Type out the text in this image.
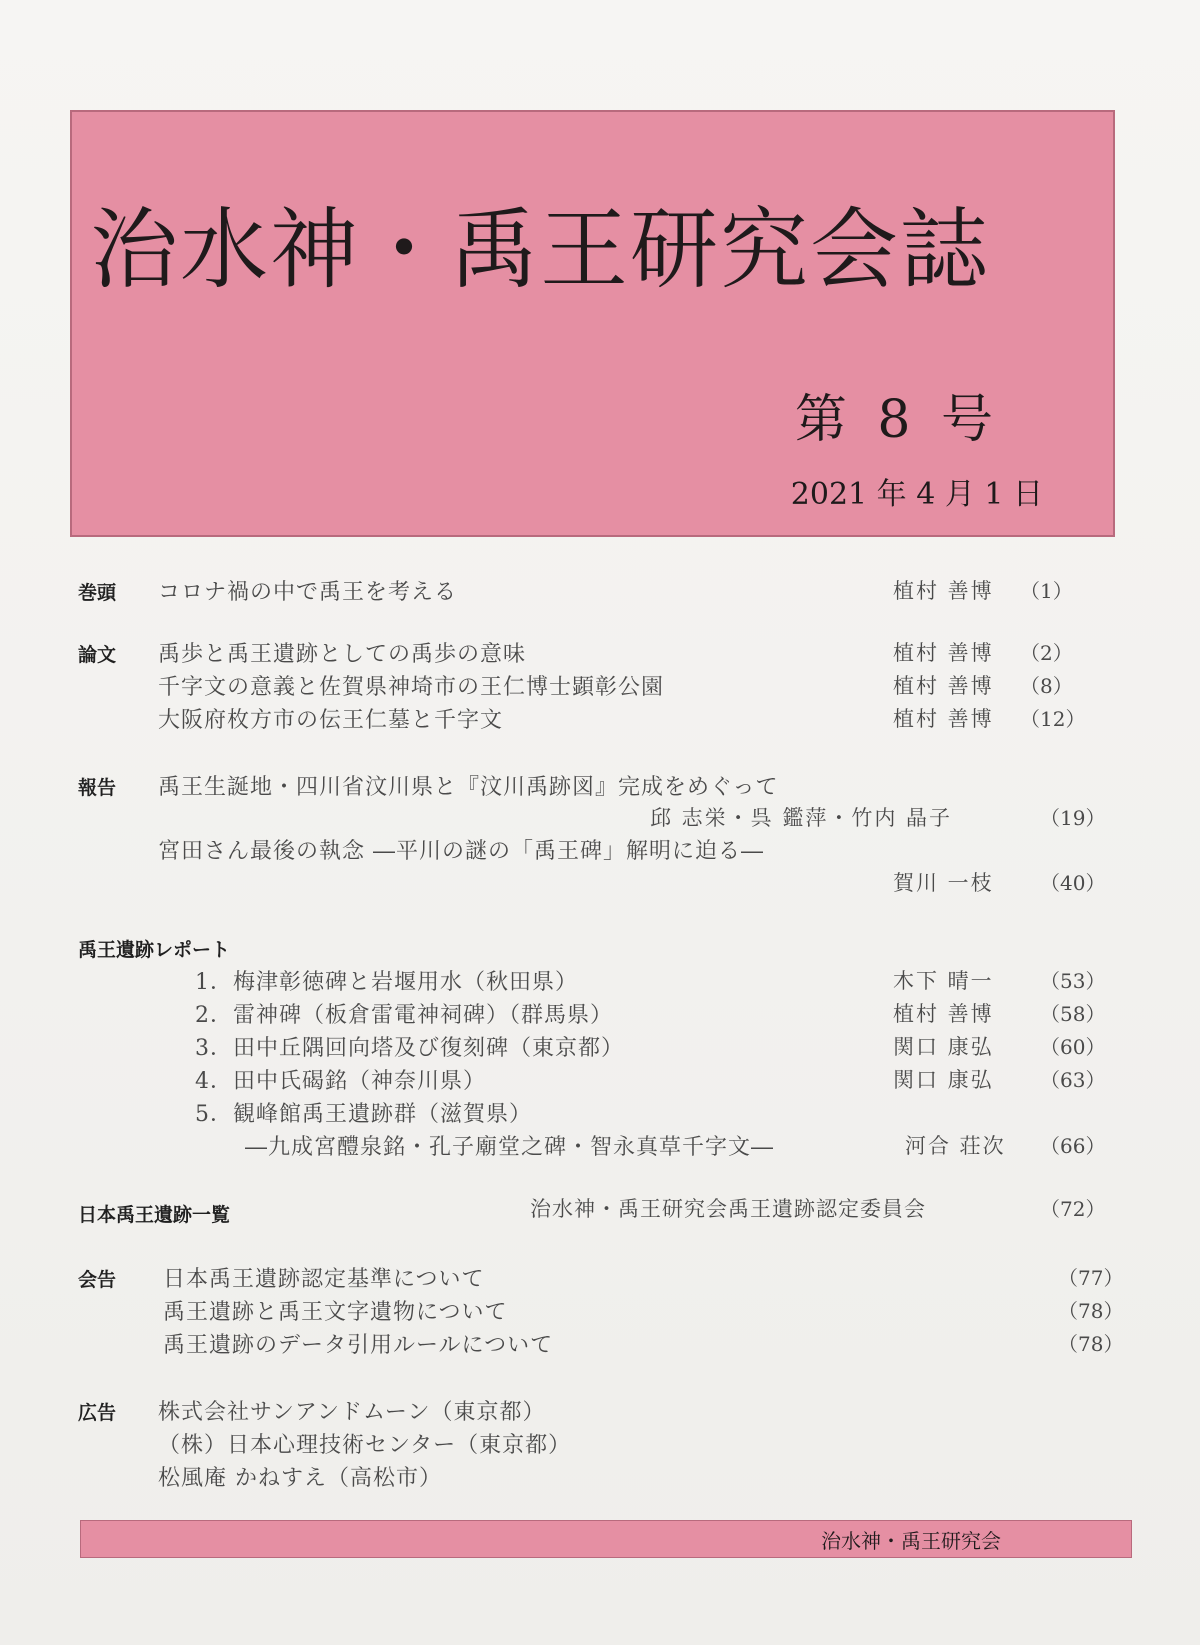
治水神・禹王研究会誌
第 8 号
2021 年 4 月 1 日
巻頭 コロナ禍の中で禹王を考える	植村 善博 （1）
論文 禹歩と禹王遺跡としての禹歩の意味	植村 善博 （2）
千字文の意義と佐賀県神埼市の王仁博士顕彰公園	植村 善博 （8）
大阪府枚方市の伝王仁墓と千字文	植村 善博 （12）
報告 禹王生誕地・四川省汶川県と『汶川禹跡図』完成をめぐって
邱 志栄・呉 鑑萍・竹内 晶子	（19）
宮田さん最後の執念 ―平川の謎の「禹王碑」解明に迫る―
賀川 一枝 （40）
禹王遺跡レポート
1．梅津彰徳碑と岩堰用水（秋田県）	木下 晴一 （53）
2．雷神碑（板倉雷電神祠碑）（群馬県）	植村 善博 （58）
3．田中丘隅回向塔及び復刻碑（東京都）	関口 康弘 （60）
4．田中氏碣銘（神奈川県）	関口 康弘 （63）
5．観峰館禹王遺跡群（滋賀県）
―九成宮醴泉銘・孔子廟堂之碑・智永真草千字文―	河合 荘次 （66）
日本禹王遺跡一覧	治水神・禹王研究会禹王遺跡認定委員会	（72）
会告 日本禹王遺跡認定基準について	（77）
禹王遺跡と禹王文字遺物について	（78）
禹王遺跡のデータ引用ルールについて	（78）
広告 株式会社サンアンドムーン（東京都）
（株）日本心理技術センター（東京都）
松風庵 かねすえ（高松市）
治水神・禹王研究会
